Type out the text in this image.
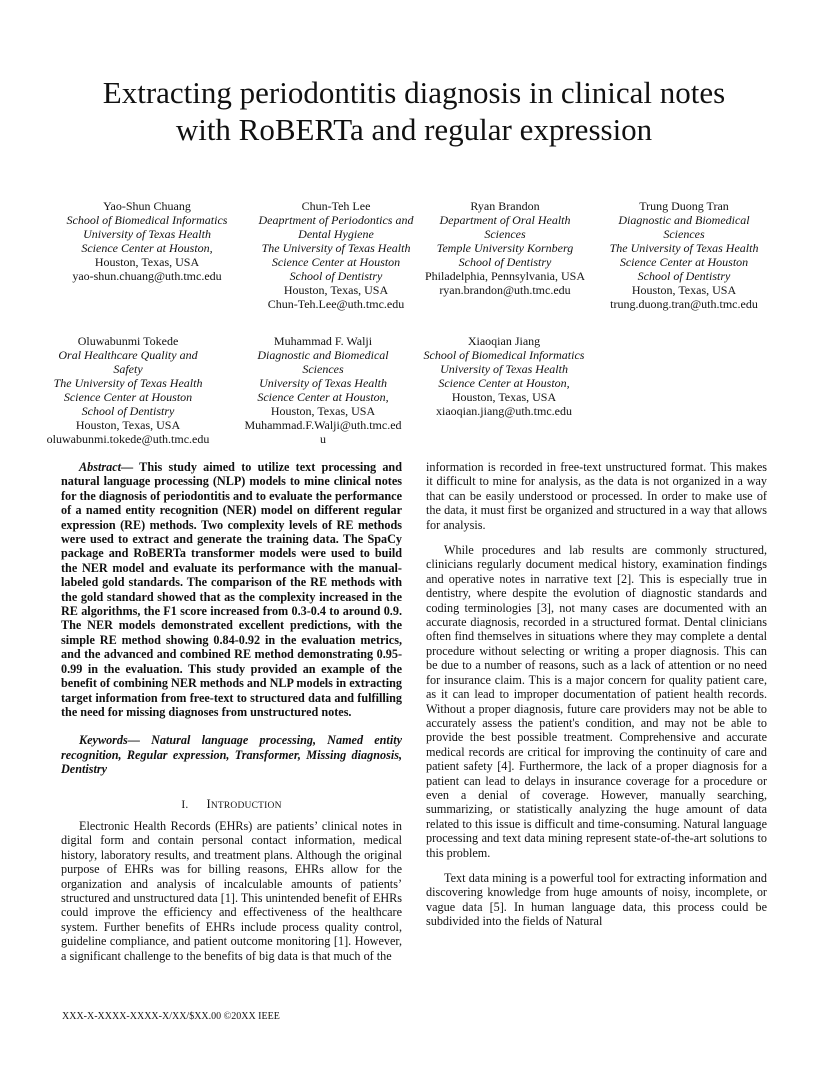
Extracting periodontitis diagnosis in clinical notes
with RoBERTa and regular expression
Yao-Shun Chuang
School of Biomedical Informatics
University of Texas Health
Science Center at Houston,
Houston, Texas, USA
yao-shun.chuang@uth.tmc.edu
Chun-Teh Lee
Deaprtment of Periodontics and
Dental Hygiene
The University of Texas Health
Science Center at Houston
School of Dentistry
Houston, Texas, USA
Chun-Teh.Lee@uth.tmc.edu
Ryan Brandon
Department of Oral Health
Sciences
Temple University Kornberg
School of Dentistry
Philadelphia, Pennsylvania, USA
ryan.brandon@uth.tmc.edu
Trung Duong Tran
Diagnostic and Biomedical
Sciences
The University of Texas Health
Science Center at Houston
School of Dentistry
Houston, Texas, USA
trung.duong.tran@uth.tmc.edu
Oluwabunmi Tokede
Oral Healthcare Quality and
Safety
The University of Texas Health
Science Center at Houston
School of Dentistry
Houston, Texas, USA
oluwabunmi.tokede@uth.tmc.edu
Muhammad F. Walji
Diagnostic and Biomedical
Sciences
University of Texas Health
Science Center at Houston,
Houston, Texas, USA
Muhammad.F.Walji@uth.tmc.ed
u
Xiaoqian Jiang
School of Biomedical Informatics
University of Texas Health
Science Center at Houston,
Houston, Texas, USA
xiaoqian.jiang@uth.tmc.edu

Abstract— This study aimed to utilize text processing and natural language processing (NLP) models to mine clinical notes for the diagnosis of periodontitis and to evaluate the performance of a named entity recognition (NER) model on different regular expression (RE) methods. Two complexity levels of RE methods were used to extract and generate the training data. The SpaCy package and RoBERTa transformer models were used to build the NER model and evaluate its performance with the manual-labeled gold standards. The comparison of the RE methods with the gold standard showed that as the complexity increased in the RE algorithms, the F1 score increased from 0.3-0.4 to around 0.9. The NER models demonstrated excellent predictions, with the simple RE method showing 0.84-0.92 in the evaluation metrics, and the advanced and combined RE method demonstrating 0.95-0.99 in the evaluation. This study provided an example of the benefit of combining NER methods and NLP models in extracting target information from free-text to structured data and fulfilling the need for missing diagnoses from unstructured notes.

Keywords— Natural language processing, Named entity recognition, Regular expression, Transformer, Missing diagnosis, Dentistry

I. INTRODUCTION

Electronic Health Records (EHRs) are patients’ clinical notes in digital form and contain personal contact information, medical history, laboratory results, and treatment plans. Although the original purpose of EHRs was for billing reasons, EHRs allow for the organization and analysis of incalculable amounts of patients’ structured and unstructured data [1]. This unintended benefit of EHRs could improve the efficiency and effectiveness of the healthcare system. Further benefits of EHRs include process quality control, guideline compliance, and patient outcome monitoring [1]. However, a significant challenge to the benefits of big data is that much of the

information is recorded in free-text unstructured format. This makes it difficult to mine for analysis, as the data is not organized in a way that can be easily understood or processed. In order to make use of the data, it must first be organized and structured in a way that allows for analysis.

While procedures and lab results are commonly structured, clinicians regularly document medical history, examination findings and operative notes in narrative text [2]. This is especially true in dentistry, where despite the evolution of diagnostic standards and coding terminologies [3], not many cases are documented with an accurate diagnosis, recorded in a structured format. Dental clinicians often find themselves in situations where they may complete a dental procedure without selecting or writing a proper diagnosis. This can be due to a number of reasons, such as a lack of attention or no need for insurance claim. This is a major concern for quality patient care, as it can lead to improper documentation of patient health records. Without a proper diagnosis, future care providers may not be able to accurately assess the patient's condition, and may not be able to provide the best possible treatment. Comprehensive and accurate medical records are critical for improving the continuity of care and patient safety [4]. Furthermore, the lack of a proper diagnosis for a patient can lead to delays in insurance coverage for a procedure or even a denial of coverage. However, manually searching, summarizing, or statistically analyzing the huge amount of data related to this issue is difficult and time-consuming. Natural language processing and text data mining represent state-of-the-art solutions to this problem.

Text data mining is a powerful tool for extracting information and discovering knowledge from huge amounts of noisy, incomplete, or vague data [5]. In human language data, this process could be subdivided into the fields of Natural

XXX-X-XXXX-XXXX-X/XX/$XX.00 ©20XX IEEE
